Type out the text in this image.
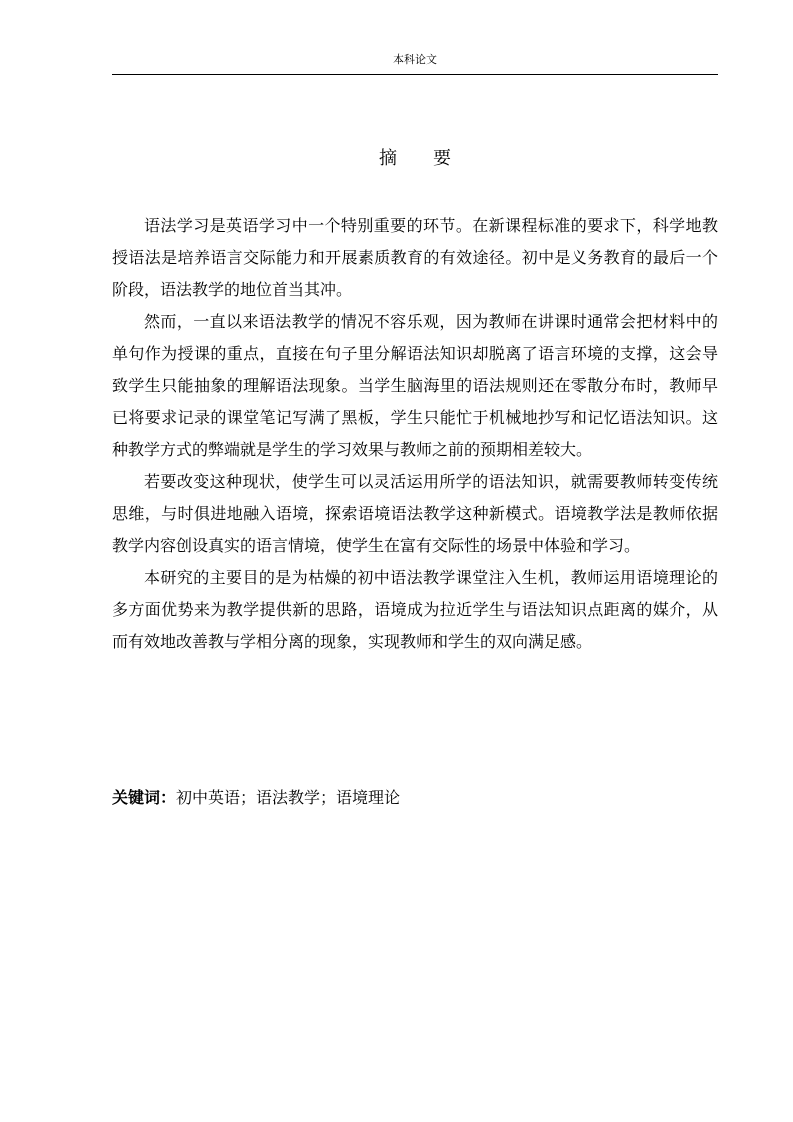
本科论文
摘要

语法学习是英语学习中一个特别重要的环节。在新课程标准的要求下，科学地教授语法是培养语言交际能力和开展素质教育的有效途径。初中是义务教育的最后一个阶段，语法教学的地位首当其冲。

然而，一直以来语法教学的情况不容乐观，因为教师在讲课时通常会把材料中的单句作为授课的重点，直接在句子里分解语法知识却脱离了语言环境的支撑，这会导致学生只能抽象的理解语法现象。当学生脑海里的语法规则还在零散分布时，教师早已将要求记录的课堂笔记写满了黑板，学生只能忙于机械地抄写和记忆语法知识。这种教学方式的弊端就是学生的学习效果与教师之前的预期相差较大。

若要改变这种现状，使学生可以灵活运用所学的语法知识，就需要教师转变传统思维，与时俱进地融入语境，探索语境语法教学这种新模式。语境教学法是教师依据教学内容创设真实的语言情境，使学生在富有交际性的场景中体验和学习。

本研究的主要目的是为枯燥的初中语法教学课堂注入生机，教师运用语境理论的多方面优势来为教学提供新的思路，语境成为拉近学生与语法知识点距离的媒介，从而有效地改善教与学相分离的现象，实现教师和学生的双向满足感。

关键词：初中英语；语法教学；语境理论
